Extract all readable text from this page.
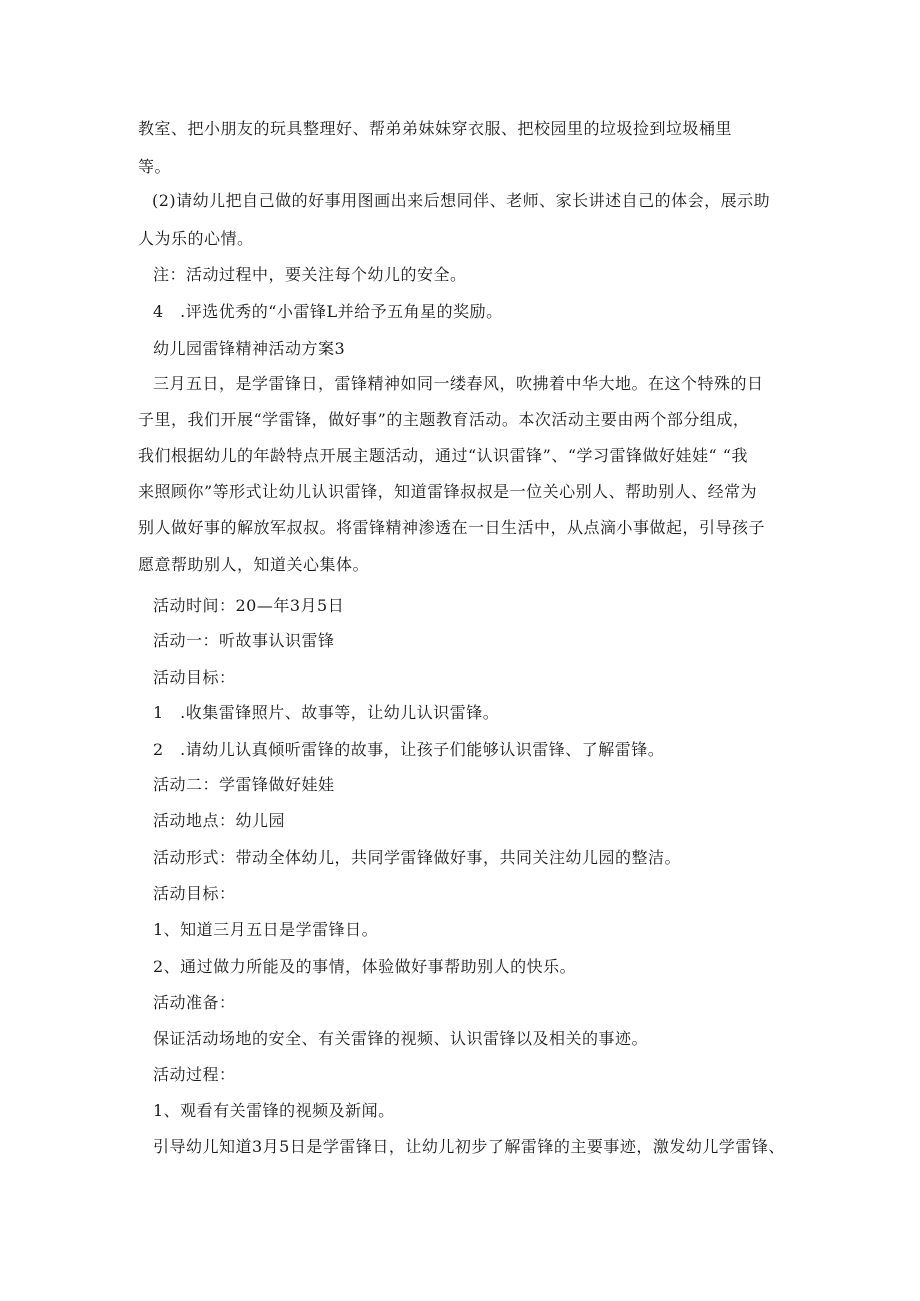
教室、把小朋友的玩具整理好、帮弟弟妹妹穿衣服、把校园里的垃圾捡到垃圾桶里
等。
(2)请幼儿把自己做的好事用图画出来后想同伴、老师、家长讲述自己的体会，展示助
人为乐的心情。
注：活动过程中，要关注每个幼儿的安全。
4　.评选优秀的“小雷锋L并给予五角星的奖励。
幼儿园雷锋精神活动方案3
三月五日，是学雷锋日，雷锋精神如同一缕春风，吹拂着中华大地。在这个特殊的日
子里，我们开展“学雷锋，做好事”的主题教育活动。本次活动主要由两个部分组成，
我们根据幼儿的年龄特点开展主题活动，通过“认识雷锋”、“学习雷锋做好娃娃“ “我
来照顾你”等形式让幼儿认识雷锋，知道雷锋叔叔是一位关心别人、帮助别人、经常为
别人做好事的解放军叔叔。将雷锋精神渗透在一日生活中，从点滴小事做起，引导孩子
愿意帮助别人，知道关心集体。
活动时间：20—年3月5日
活动一：听故事认识雷锋
活动目标：
1　.收集雷锋照片、故事等，让幼儿认识雷锋。
2　.请幼儿认真倾听雷锋的故事，让孩子们能够认识雷锋、了解雷锋。
活动二：学雷锋做好娃娃
活动地点：幼儿园
活动形式：带动全体幼儿，共同学雷锋做好事，共同关注幼儿园的整洁。
活动目标：
1、知道三月五日是学雷锋日。
2、通过做力所能及的事情，体验做好事帮助别人的快乐。
活动准备：
保证活动场地的安全、有关雷锋的视频、认识雷锋以及相关的事迹。
活动过程：
1、观看有关雷锋的视频及新闻。
引导幼儿知道3月5日是学雷锋日，让幼儿初步了解雷锋的主要事迹，激发幼儿学雷锋、
